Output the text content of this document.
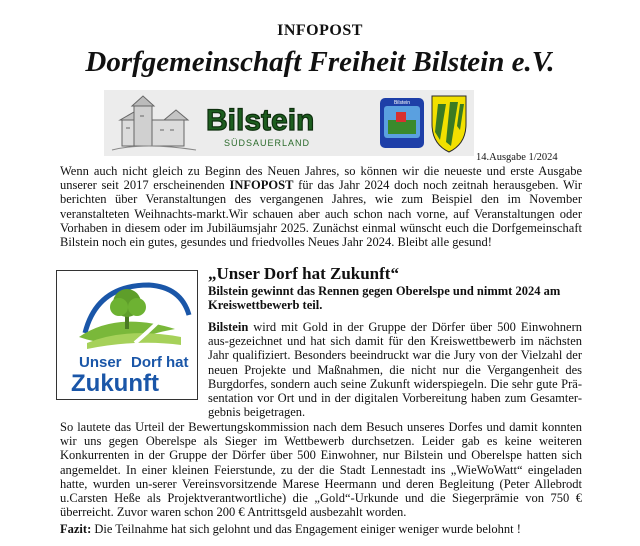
INFOPOST
Dorfgemeinschaft Freiheit Bilstein e.V.
Bilstein
SÜDSAUERLAND
Bilstein
14.Ausgabe 1/2024
Wenn auch nicht gleich zu Beginn des Neuen Jahres, so können wir die neueste und erste Ausgabe unserer seit 2017 erscheinenden INFOPOST für das Jahr 2024 doch noch zeitnah herausgeben. Wir berichten über Veranstaltungen des vergangenen Jahres, wie zum Beispiel den im November veranstalteten Weihnachts-markt.Wir schauen aber auch schon nach vorne, auf Veranstaltungen oder Vorhaben in diesem oder im Jubiläumsjahr 2025. Zunächst einmal wünscht euch die Dorfgemeinschaft Bilstein noch ein gutes, gesundes und friedvolles Neues Jahr 2024. Bleibt alle gesund!
Unser Dorf hat
Zukunft
„Unser Dorf hat Zukunft“
Bilstein gewinnt das Rennen gegen Oberelspe und nimmt 2024 am Kreiswettbewerb teil.
Bilstein wird mit Gold in der Gruppe der Dörfer über 500 Einwohnern aus-gezeichnet und hat sich damit für den Kreiswettbewerb im nächsten Jahr qualifiziert. Besonders beeindruckt war die Jury von der Vielzahl der neuen Projekte und Maßnahmen, die nicht nur die Vergangenheit des Burgdorfes, sondern auch seine Zukunft widerspiegeln. Die sehr gute Prä-sentation vor Ort und in der digitalen Vorbereitung haben zum Gesamter-gebnis beigetragen.
So lautete das Urteil der Bewertungskommission nach dem Besuch unseres Dorfes und damit konnten wir uns gegen Oberelspe als Sieger im Wettbewerb durchsetzen. Leider gab es keine weiteren Konkurrenten in der Gruppe der Dörfer über 500 Einwohner, nur Bilstein und Oberelspe hatten sich angemeldet. In einer kleinen Feierstunde, zu der die Stadt Lennestadt ins „WieWoWatt“ eingeladen hatte, wurden un-serer Vereinsvorsitzende Marese Heermann und deren Begleitung (Peter Allebrodt u.Carsten Heße als Projektverantwortliche) die „Gold“-Urkunde und die Siegerprämie von 750 € überreicht. Zuvor waren schon 200 € Antrittsgeld ausbezahlt worden.
Fazit: Die Teilnahme hat sich gelohnt und das Engagement einiger weniger wurde belohnt !
